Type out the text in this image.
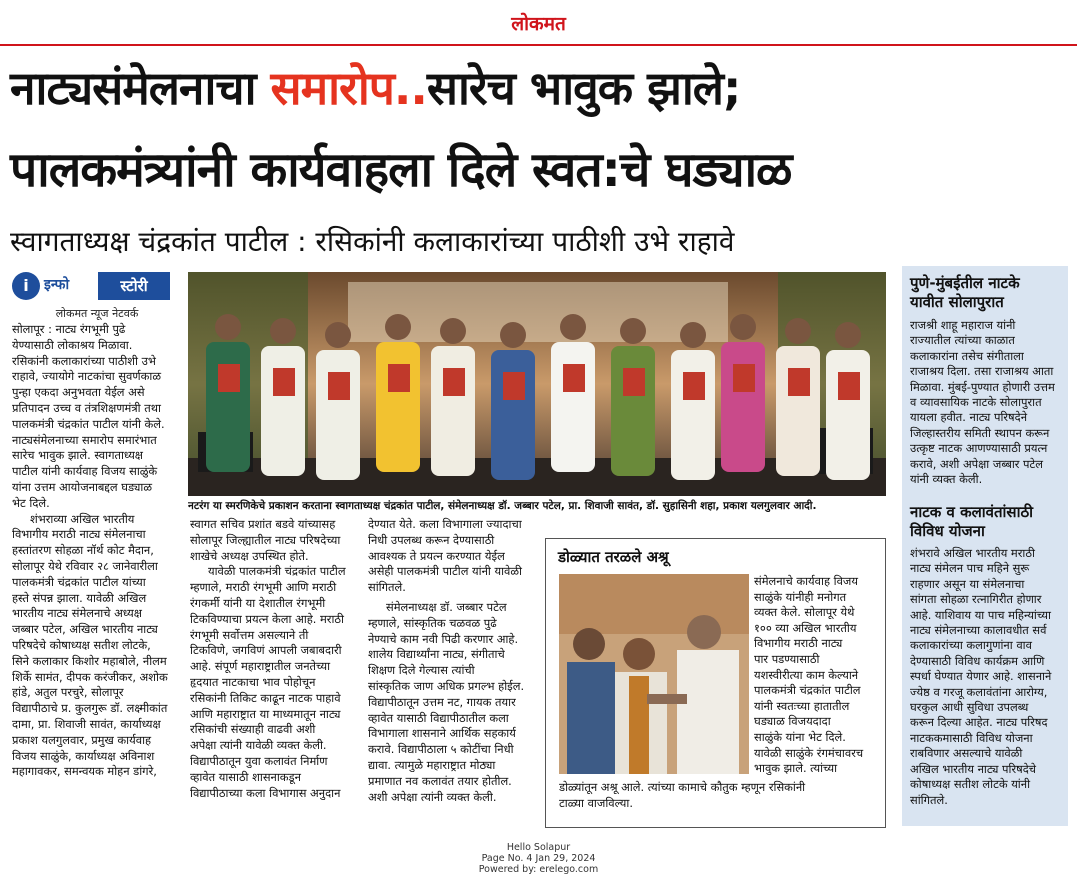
लोकमत
नाट्यसंमेलनाचा समारोप..सारेच भावुक झाले;
पालकमंत्र्यांनी कार्यवाहला दिले स्वत:चे घड्याळ
स्वागताध्यक्ष चंद्रकांत पाटील : रसिकांनी कलाकारांच्या पाठीशी उभे राहावे
i	इन्फो	स्टोरी
लोकमत न्यूज नेटवर्क

सोलापूर : नाट्य रंगभूमी पुढे

येण्यासाठी लोकाश्रय मिळावा.

रसिकांनी कलाकारांच्या पाठीशी उभे

राहावे, ज्यायोगे नाटकांचा सुवर्णकाळ

पुन्हा एकदा अनुभवता येईल असे

प्रतिपादन उच्च व तंत्रशिक्षणमंत्री तथा

पालकमंत्री चंद्रकांत पाटील यांनी केले.

नाट्यसंमेलनाच्या समारोप समारंभात

सारेच भावुक झाले. स्वागताध्यक्ष

पाटील यांनी कार्यवाह विजय साळुंके

यांना उत्तम आयोजनाबद्दल घड्याळ

भेट दिले.

शंभराव्या अखिल भारतीय

विभागीय मराठी नाट्य संमेलनाचा

हस्तांतरण सोहळा नॉर्थ कोट मैदान,

सोलापूर येथे रविवार २८ जानेवारीला

पालकमंत्री चंद्रकांत पाटील यांच्या

हस्ते संपन्न झाला. यावेळी अखिल

भारतीय नाट्य संमेलनाचे अध्यक्ष

जब्बार पटेल, अखिल भारतीय नाट्य

परिषदेचे कोषाध्यक्ष सतीश लोटके,

सिने कलाकार किशोर महाबोले, नीलम

शिर्के सामंत, दीपक करंजीकर, अशोक

हांडे, अतुल परचुरे, सोलापूर

विद्यापीठाचे प्र. कुलगुरू डॉ. लक्ष्मीकांत

दामा, प्रा. शिवाजी सावंत, कार्याध्यक्ष

प्रकाश यलगुलवार, प्रमुख कार्यवाह

विजय साळुंके, कार्याध्यक्ष अविनाश

महागावकर, समन्वयक मोहन डांगरे,

नटरंग या स्मरणिकेचे प्रकाशन करताना स्वागताध्यक्ष चंद्रकांत पाटील, संमेलनाध्यक्ष डॉ. जब्बार पटेल, प्रा. शिवाजी सावंत, डॉ. सुहासिनी शहा, प्रकाश यलगुलवार आदी.

स्वागत सचिव प्रशांत बडवे यांच्यासह

सोलापूर जिल्ह्यातील नाट्य परिषदेच्या

शाखेचे अध्यक्ष उपस्थित होते.

यावेळी पालकमंत्री चंद्रकांत पाटील

म्हणाले, मराठी रंगभूमी आणि मराठी

रंगकर्मी यांनी या देशातील रंगभूमी

टिकविण्याचा प्रयत्न केला आहे. मराठी

रंगभूमी सर्वोत्तम असल्याने ती

टिकविणे, जगविणं आपली जबाबदारी

आहे. संपूर्ण महाराष्ट्रातील जनतेच्या

हृदयात नाटकाचा भाव पोहोचून

रसिकांनी तिकिट काढून नाटक पाहावे

आणि महाराष्ट्रात या माध्यमातून नाट्य

रसिकांची संख्याही वाढवी अशी

अपेक्षा त्यांनी यावेळी व्यक्त केली.

विद्यापीठातून युवा कलावंत निर्माण

व्हावेत यासाठी शासनाकडून

विद्यापीठाच्या कला विभागास अनुदान

देण्यात येते. कला विभागाला ज्यादाचा

निधी उपलब्ध करून देण्यासाठी

आवश्यक ते प्रयत्न करण्यात येईल

असेही पालकमंत्री पाटील यांनी यावेळी

सांगितले.

संमेलनाध्यक्ष डॉ. जब्बार पटेल

म्हणाले, सांस्कृतिक चळवळ पुढे

नेण्याचे काम नवी पिढी करणार आहे.

शालेय विद्यार्थ्यांना नाट्य, संगीताचे

शिक्षण दिले गेल्यास त्यांची

सांस्कृतिक जाण अधिक प्रगल्भ होईल.

विद्यापीठातून उत्तम नट, गायक तयार

व्हावेत यासाठी विद्यापीठातील कला

विभागाला शासनाने आर्थिक सहकार्य

करावे. विद्यापीठाला ५ कोटींचा निधी

द्यावा. त्यामुळे महाराष्ट्रात मोठ्या

प्रमाणात नव कलावंत तयार होतील.

अशी अपेक्षा त्यांनी व्यक्त केली.

डोळ्यात तरळले अश्रू

संमेलनाचे कार्यवाह विजय

साळुंके यांनीही मनोगत

व्यक्त केले. सोलापूर येथे

१०० व्या अखिल भारतीय

विभागीय मराठी नाट्य

पार पडण्यासाठी

यशस्वीरीत्या काम केल्याने

पालकमंत्री चंद्रकांत पाटील

यांनी स्वतःच्या हातातील

घड्याळ विजयदादा

साळुंके यांना भेट दिले.

यावेळी साळुंके रंगमंचावरच

भावुक झाले. त्यांच्या

डोळ्यांतून अश्रू आले. त्यांच्या कामाचे कौतुक म्हणून रसिकांनी

टाळ्या वाजविल्या.

पुणे-मुंबईतील नाटके
यावीत सोलापुरात

राजश्री शाहू महाराज यांनी

राज्यातील त्यांच्या काळात

कलाकारांना तसेच संगीताला

राजाश्रय दिला. तसा राजाश्रय आता

मिळावा. मुंबई-पुण्यात होणारी उत्तम

व व्यावसायिक नाटके सोलापुरात

यायला हवीत. नाट्य परिषदेने

जिल्हास्तरीय समिती स्थापन करून

उत्कृष्ट नाटक आणण्यासाठी प्रयत्न

करावे, अशी अपेक्षा जब्बार पटेल

यांनी व्यक्त केली.

नाटक व कलावंतांसाठी
विविध योजना

शंभरावे अखिल भारतीय मराठी

नाट्य संमेलन पाच महिने सुरू

राहणार असून या संमेलनाचा

सांगता सोहळा रत्नागिरीत होणार

आहे. याशिवाय या पाच महिन्यांच्या

नाट्य संमेलनाच्या कालावधीत सर्व

कलाकारांच्या कलागुणांना वाव

देण्यासाठी विविध कार्यक्रम आणि

स्पर्धा घेण्यात येणार आहे. शासनाने

ज्येष्ठ व गरजू कलावंतांना आरोग्य,

घरकुल आधी सुविधा उपलब्ध

करून दिल्या आहेत. नाट्य परिषद

नाटककमासाठी विविध योजना

राबविणार असल्याचे यावेळी

अखिल भारतीय नाट्य परिषदेचे

कोषाध्यक्ष सतीश लोटके यांनी

सांगितले.

Hello Solapur
Page No. 4 Jan 29, 2024
Powered by: erelego.com
